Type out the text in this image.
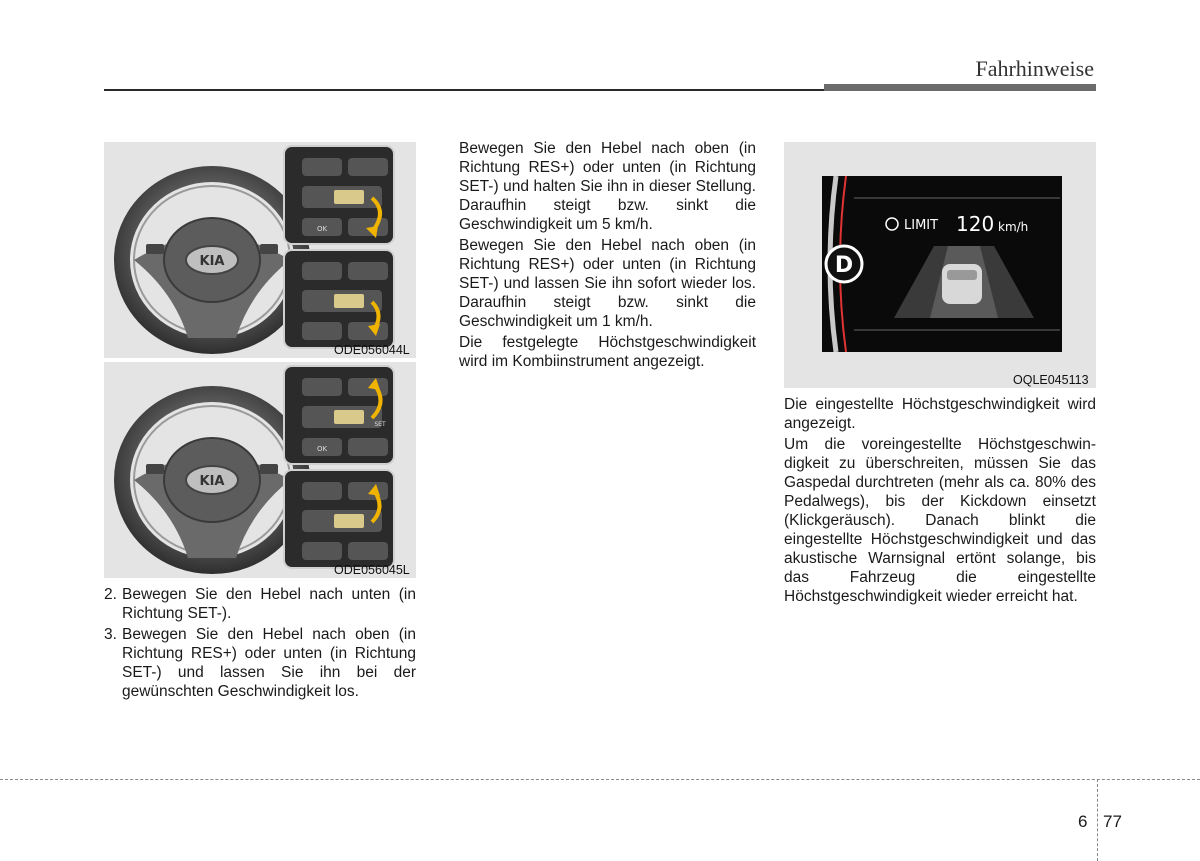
Fahrhinweise
KIA
OK
ODE056044L
KIA
SET
OK
ODE056045L
2. Bewegen Sie den Hebel nach unten (in Richtung SET-).
3. Bewegen Sie den Hebel nach oben (in Richtung RES+) oder unten (in Richtung SET-) und lassen Sie ihn bei der gewünschten Geschwindigkeit los.

Bewegen Sie den Hebel nach oben (in Richtung RES+) oder unten (in Richtung SET-) und halten Sie ihn in dieser Stellung. Daraufhin steigt bzw. sinkt die Geschwindigkeit um 5 km/h.

Bewegen Sie den Hebel nach oben (in Richtung RES+) oder unten (in Richtung SET-) und lassen Sie ihn sofort wieder los. Daraufhin steigt bzw. sinkt die Geschwindigkeit um 1 km/h.

Die festgelegte Höchstgeschwindigkeit wird im Kombiinstrument angezeigt.

D
LIMIT 120 km/h
OQLE045113

Die eingestellte Höchstgeschwindigkeit wird angezeigt.

Um die voreingestellte Höchstgeschwin-digkeit zu überschreiten, müssen Sie das Gaspedal durchtreten (mehr als ca. 80% des Pedalwegs), bis der Kickdown einsetzt (Klickgeräusch). Danach blinkt die eingestellte Höchstgeschwindigkeit und das akustische Warnsignal ertönt solange, bis das Fahrzeug die eingestellte Höchstgeschwindigkeit wieder erreicht hat.

6 77
